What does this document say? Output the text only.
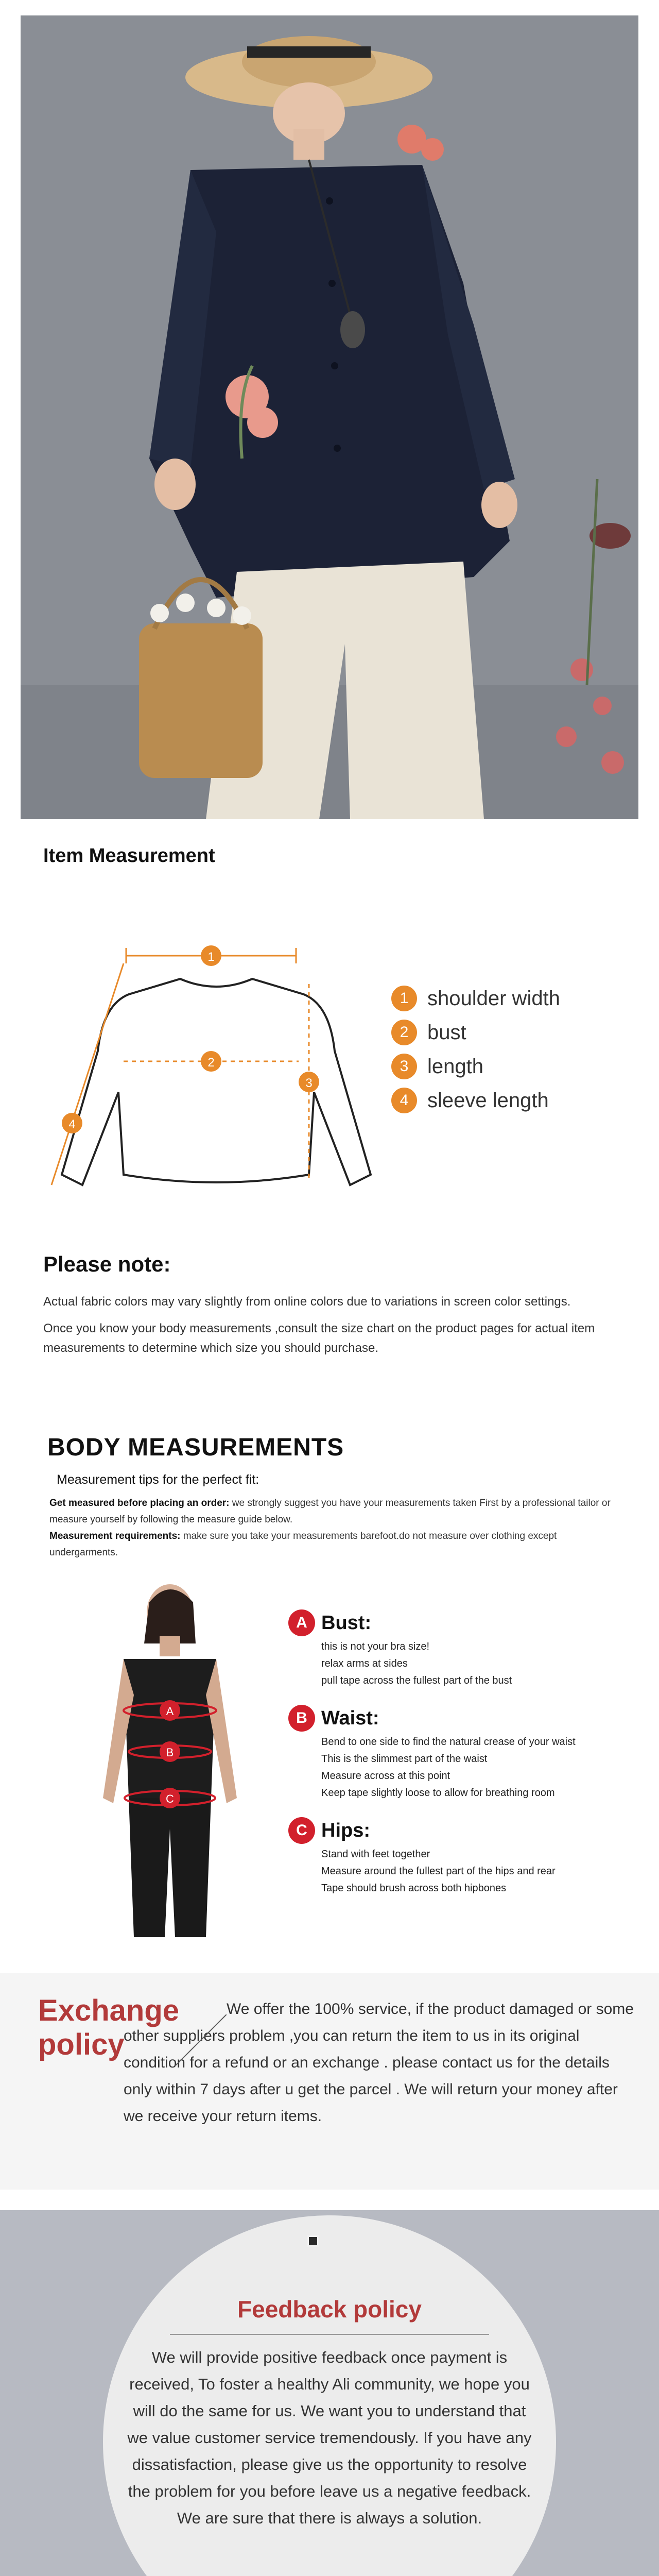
Item Measurement
1
2
3
4
1 shoulder width
2 bust
3 length
4 sleeve length
Please note:

Actual fabric colors may vary slightly from online colors due to variations in screen color settings.

Once you know your body measurements ,consult the size chart on the product pages for actual item measurements to determine which size you should purchase.

BODY MEASUREMENTS
Measurement tips for the perfect fit:
Get measured before placing an order: we strongly suggest you have your measurements taken First by a professional tailor or measure yourself by following the measure guide below.
Measurement requirements: make sure you take your measurements barefoot.do not measure over clothing except undergarments.
A
B
C
A Bust:
this is not your bra size!
relax arms at sides
pull tape across the fullest part of the bust
B Waist:
Bend to one side to find the natural crease of your waist
This is the slimmest part of the waist
Measure across at this point
Keep tape slightly loose to allow for breathing room
C Hips:
Stand with feet together
Measure around the fullest part of the hips and rear
Tape should brush across both hipbones
We offer the 100% service, if the product damaged or some other suppliers problem ,you can return the item to us in its original condition for a refund or an exchange . please contact us for the details only within 7 days after u get the parcel . We will return your money after we receive your return items.
Exchange
policy
Feedback policy
We will provide positive feedback once payment is received, To foster a healthy Ali community, we hope you will do the same for us. We want you to understand that we value customer service tremendously. If you have any dissatisfaction, please give us the opportunity to resolve the problem for you before leave us a negative feedback. We are sure that there is always a solution.
